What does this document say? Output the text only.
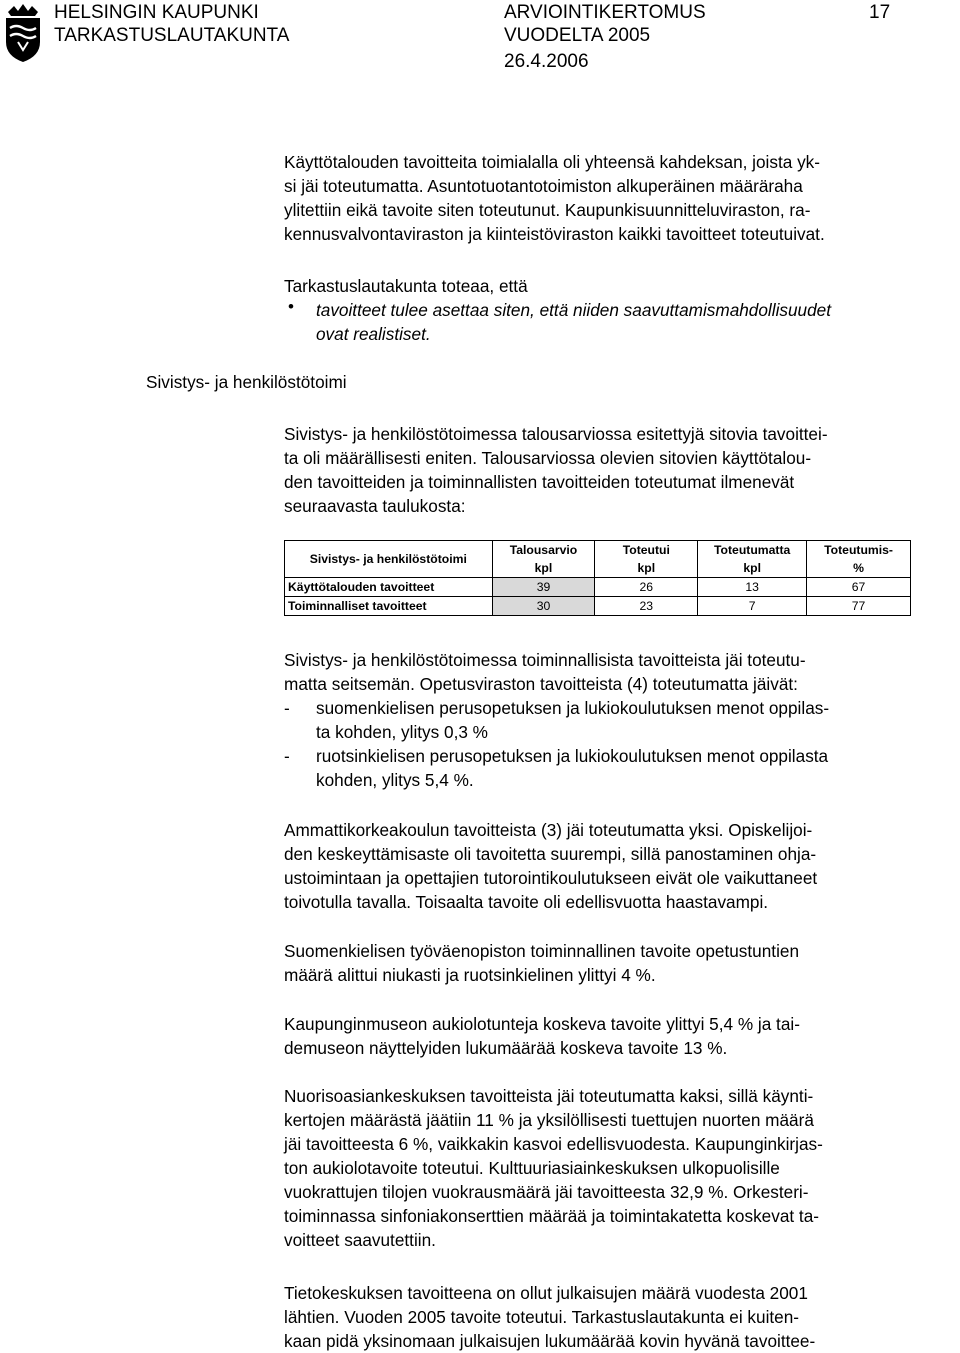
HELSINGIN KAUPUNKI
TARKASTUSLAUTAKUNTA
ARVIOINTIKERTOMUS
VUODELTA 2005
26.4.2006
17
Käyttötalouden tavoitteita toimialalla oli yhteensä kahdeksan, joista yk-
si jäi toteutumatta. Asuntotuotantotoimiston alkuperäinen määräraha
ylitettiin eikä tavoite siten toteutunut. Kaupunkisuunnitteluviraston, ra-
kennusvalvontaviraston ja kiinteistöviraston kaikki tavoitteet toteutuivat.
Tarkastuslautakunta toteaa, että
• tavoitteet tulee asettaa siten, että niiden saavuttamismahdollisuudet
ovat realistiset.
Sivistys- ja henkilöstötoimi
Sivistys- ja henkilöstötoimessa talousarviossa esitettyjä sitovia tavoittei-
ta oli määrällisesti eniten. Talousarviossa olevien sitovien käyttötalou-
den tavoitteiden ja toiminnallisten tavoitteiden toteutumat ilmenevät
seuraavasta taulukosta:
Sivistys- ja henkilöstötoimi	Talousarvio	Toteutui	Toteutumatta	Toteutumis-
	kpl	kpl	kpl	%
Käyttötalouden tavoitteet	39	26	13	67
Toiminnalliset tavoitteet	30	23	7	77
Sivistys- ja henkilöstötoimessa toiminnallisista tavoitteista jäi toteutu-
matta seitsemän. Opetusviraston tavoitteista (4) toteutumatta jäivät:
- suomenkielisen perusopetuksen ja lukiokoulutuksen menot oppilas-
ta kohden, ylitys 0,3 %
- ruotsinkielisen perusopetuksen ja lukiokoulutuksen menot oppilasta
kohden, ylitys 5,4 %.
Ammattikorkeakoulun tavoitteista (3) jäi toteutumatta yksi. Opiskelijoi-
den keskeyttämisaste oli tavoitetta suurempi, sillä panostaminen ohja-
ustoimintaan ja opettajien tutorointikoulutukseen eivät ole vaikuttaneet
toivotulla tavalla. Toisaalta tavoite oli edellisvuotta haastavampi.
Suomenkielisen työväenopiston toiminnallinen tavoite opetustuntien
määrä alittui niukasti ja ruotsinkielinen ylittyi 4 %.
Kaupunginmuseon aukiolotunteja koskeva tavoite ylittyi 5,4 % ja tai-
demuseon näyttelyiden lukumäärää koskeva tavoite 13 %.
Nuorisoasiankeskuksen tavoitteista jäi toteutumatta kaksi, sillä käynti-
kertojen määrästä jäätiin 11 % ja yksilöllisesti tuettujen nuorten määrä
jäi tavoitteesta 6 %, vaikkakin kasvoi edellisvuodesta. Kaupunginkirjas-
ton aukiolotavoite toteutui. Kulttuuriasiainkeskuksen ulkopuolisille
vuokrattujen tilojen vuokrausmäärä jäi tavoitteesta 32,9 %. Orkesteri-
toiminnassa sinfoniakonserttien määrää ja toimintakatetta koskevat ta-
voitteet saavutettiin.
Tietokeskuksen tavoitteena on ollut julkaisujen määrä vuodesta 2001
lähtien. Vuoden 2005 tavoite toteutui. Tarkastuslautakunta ei kuiten-
kaan pidä yksinomaan julkaisujen lukumäärää kovin hyvänä tavoittee-
